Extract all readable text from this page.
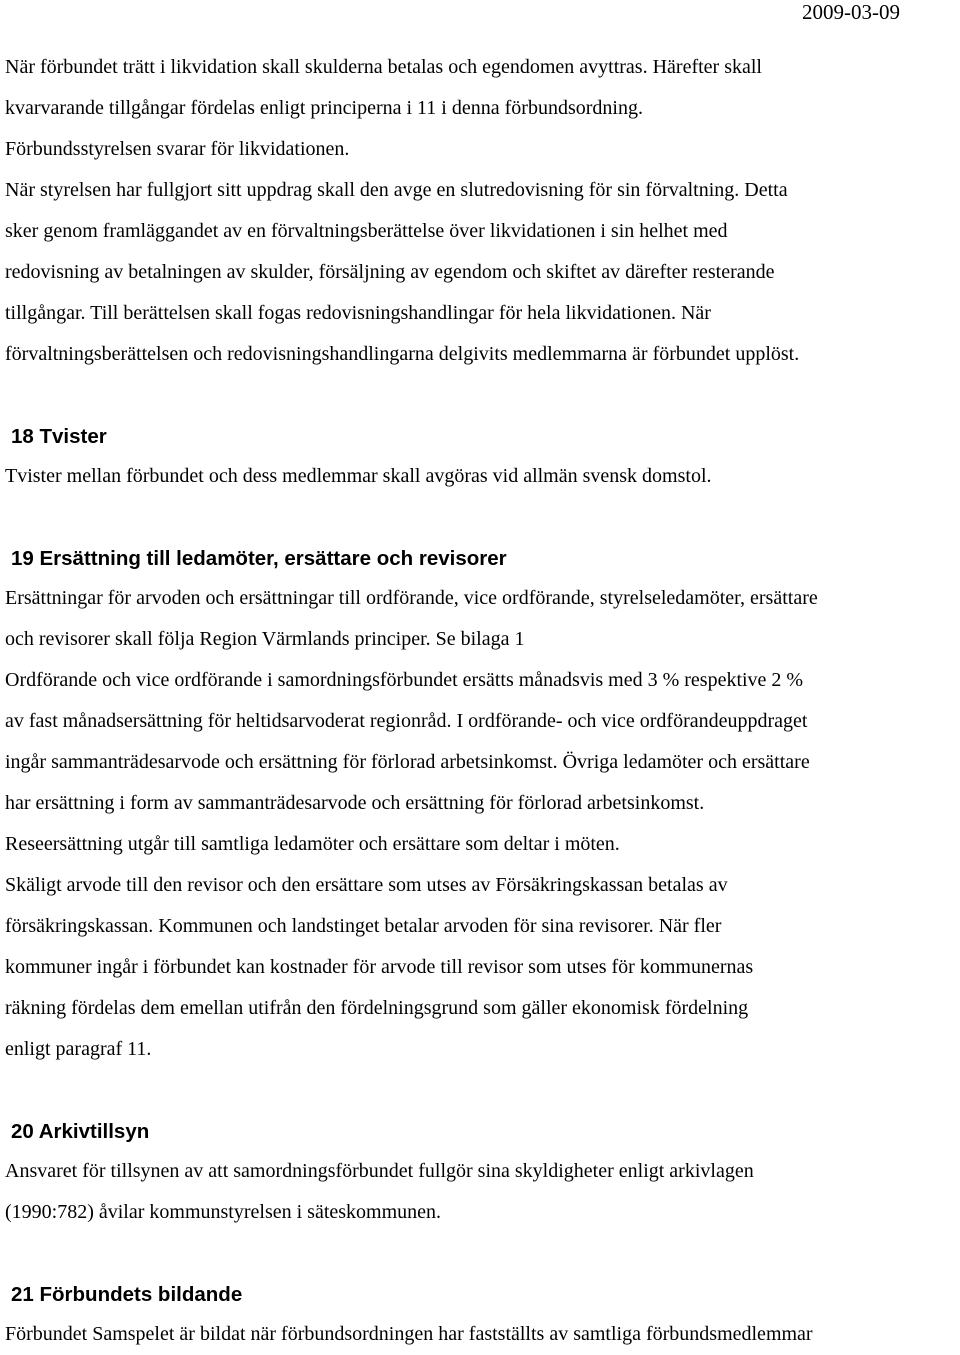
2009-03-09
När förbundet trätt i likvidation skall skulderna betalas och egendomen avyttras. Härefter skall
kvarvarande tillgångar fördelas enligt principerna i 11 i denna förbundsordning.
Förbundsstyrelsen svarar för likvidationen.
När styrelsen har fullgjort sitt uppdrag skall den avge en slutredovisning för sin förvaltning. Detta
sker genom framläggandet av en förvaltningsberättelse över likvidationen i sin helhet med
redovisning av betalningen av skulder, försäljning av egendom och skiftet av därefter resterande
tillgångar. Till berättelsen skall fogas redovisningshandlingar för hela likvidationen. När
förvaltningsberättelsen och redovisningshandlingarna delgivits medlemmarna är förbundet upplöst.
18 Tvister
Tvister mellan förbundet och dess medlemmar skall avgöras vid allmän svensk domstol.
19 Ersättning till ledamöter, ersättare och revisorer
Ersättningar för arvoden och ersättningar till ordförande, vice ordförande, styrelseledamöter, ersättare
och revisorer skall följa Region Värmlands principer. Se bilaga 1
Ordförande och vice ordförande i samordningsförbundet ersätts månadsvis med 3 % respektive 2 %
av fast månadsersättning för heltidsarvoderat regionråd. I ordförande- och vice ordförandeuppdraget
ingår sammanträdesarvode och ersättning för förlorad arbetsinkomst. Övriga ledamöter och ersättare
har ersättning i form av sammanträdesarvode och ersättning för förlorad arbetsinkomst.
Reseersättning utgår till samtliga ledamöter och ersättare som deltar i möten.
Skäligt arvode till den revisor och den ersättare som utses av Försäkringskassan betalas av
försäkringskassan. Kommunen och landstinget betalar arvoden för sina revisorer. När fler
kommuner ingår i förbundet kan kostnader för arvode till revisor som utses för kommunernas
räkning fördelas dem emellan utifrån den fördelningsgrund som gäller ekonomisk fördelning
enligt paragraf 11.
20 Arkivtillsyn
Ansvaret för tillsynen av att samordningsförbundet fullgör sina skyldigheter enligt arkivlagen
(1990:782) åvilar kommunstyrelsen i säteskommunen.
21 Förbundets bildande
Förbundet Samspelet är bildat när förbundsordningen har fastställts av samtliga förbundsmedlemmar
